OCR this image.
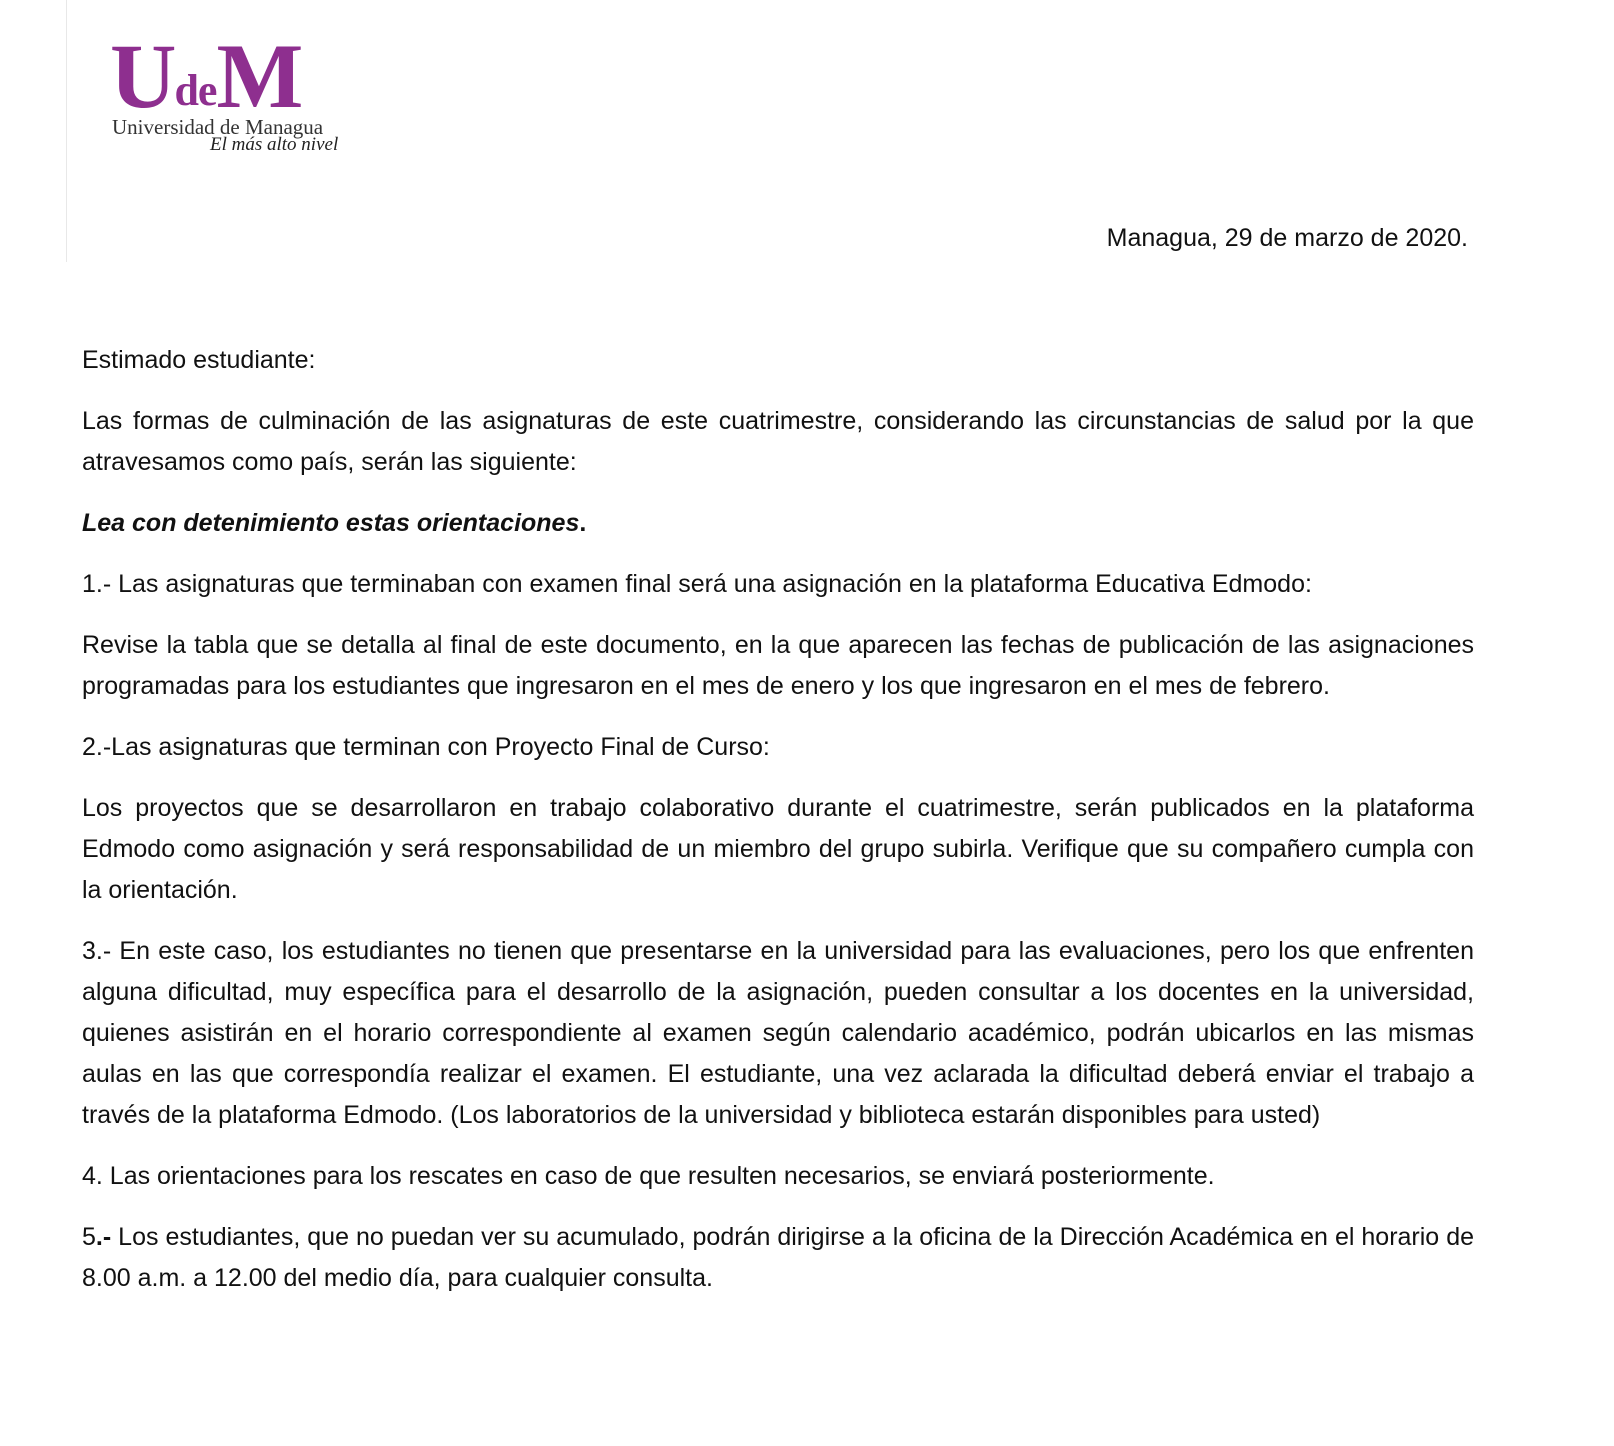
UdeM
Universidad de Managua
El más alto nivel
Managua, 29 de marzo de 2020.

Estimado estudiante:

Las formas de culminación de las asignaturas de este cuatrimestre, considerando las circunstancias de salud por la que atravesamos como país, serán las siguiente:

Lea con detenimiento estas orientaciones.

1.- Las asignaturas que terminaban con examen final será una asignación en la plataforma Educativa Edmodo:

Revise la tabla que se detalla al final de este documento, en la que aparecen las fechas de publicación de las asignaciones programadas para los estudiantes que ingresaron en el mes de enero y los que ingresaron en el mes de febrero.

2.-Las asignaturas que terminan con Proyecto Final de Curso:

Los proyectos que se desarrollaron en trabajo colaborativo durante el cuatrimestre, serán publicados en la plataforma Edmodo como asignación y será responsabilidad de un miembro del grupo subirla. Verifique que su compañero cumpla con la orientación.

3.- En este caso, los estudiantes no tienen que presentarse en la universidad para las evaluaciones, pero los que enfrenten alguna dificultad, muy específica para el desarrollo de la asignación, pueden consultar a los docentes en la universidad, quienes asistirán en el horario correspondiente al examen según calendario académico, podrán ubicarlos en las mismas aulas en las que correspondía realizar el examen. El estudiante, una vez aclarada la dificultad deberá enviar el trabajo a través de la plataforma Edmodo. (Los laboratorios de la universidad y biblioteca estarán disponibles para usted)

4. Las orientaciones para los rescates en caso de que resulten necesarios, se enviará posteriormente.

5.- Los estudiantes, que no puedan ver su acumulado, podrán dirigirse a la oficina de la Dirección Académica en el horario de 8.00 a.m. a 12.00 del medio día, para cualquier consulta.
